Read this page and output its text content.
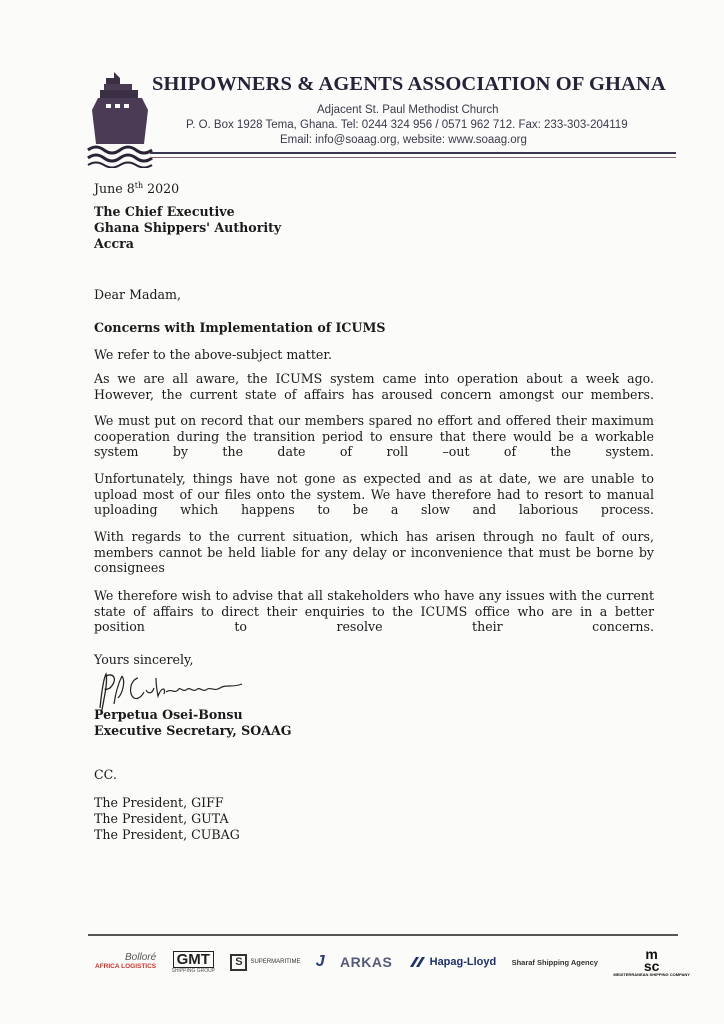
SHIPOWNERS & AGENTS ASSOCIATION OF GHANA
Adjacent St. Paul Methodist Church
P. O. Box 1928 Tema, Ghana. Tel: 0244 324 956 / 0571 962 712. Fax: 233-303-204119
Email: info@soaag.org, website: www.soaag.org
June 8th 2020
The Chief Executive
Ghana Shippers' Authority
Accra
Dear Madam,
Concerns with Implementation of ICUMS
We refer to the above-subject matter.
As we are all aware, the ICUMS system came into operation about a week ago. However, the current state of affairs has aroused concern amongst our members.
We must put on record that our members spared no effort and offered their maximum cooperation during the transition period to ensure that there would be a workable system by the date of roll –out of the system.
Unfortunately, things have not gone as expected and as at date, we are unable to upload most of our files onto the system. We have therefore had to resort to manual uploading which happens to be a slow and laborious process.
With regards to the current situation, which has arisen through no fault of ours, members cannot be held liable for any delay or inconvenience that must be borne by consignees
We therefore wish to advise that all stakeholders who have any issues with the current state of affairs to direct their enquiries to the ICUMS office who are in a better position to resolve their concerns.
Yours sincerely,
Perpetua Osei-Bonsu
Executive Secretary, SOAAG
CC.
The President, GIFF
The President, GUTA
The President, CUBAG
Bolloré
AFRICA LOGISTICS GMT
SHIPPING GROUP
S	SUPERMARITIME J ARKAS	Hapag-Lloyd Sharaf Shipping Agency
m
sc
MEDITERRANEAN SHIPPING COMPANY
